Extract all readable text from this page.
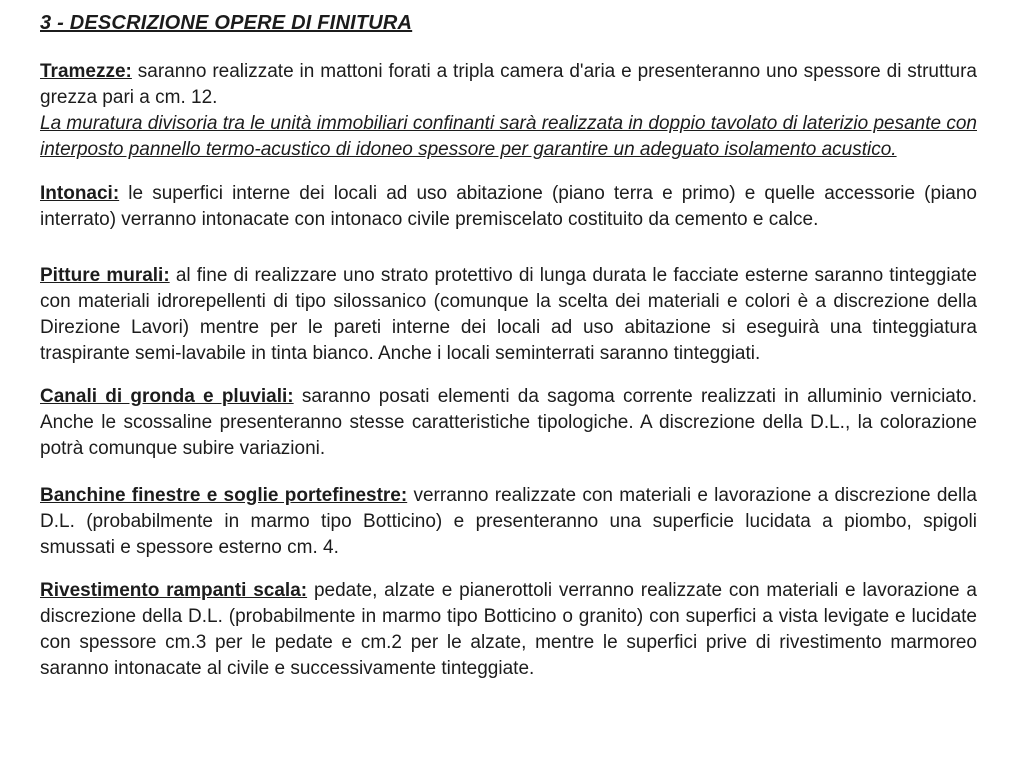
3 - DESCRIZIONE OPERE DI FINITURA

Tramezze: saranno realizzate in mattoni forati a tripla camera d'aria e presenteranno uno spessore di struttura grezza pari a cm. 12.
La muratura divisoria tra le unità immobiliari confinanti sarà realizzata in doppio tavolato di laterizio pesante con interposto pannello termo-acustico di idoneo spessore per garantire un adeguato isolamento acustico.

Intonaci: le superfici interne dei locali ad uso abitazione (piano terra e primo) e quelle accessorie (piano interrato) verranno intonacate con intonaco civile premiscelato costituito da cemento e calce.

Pitture murali: al fine di realizzare uno strato protettivo di lunga durata le facciate esterne saranno tinteggiate con materiali idrorepellenti di tipo silossanico (comunque la scelta dei materiali e colori è a discrezione della Direzione Lavori) mentre per le pareti interne dei locali ad uso abitazione si eseguirà una tinteggiatura traspirante semi-lavabile in tinta bianco. Anche i locali seminterrati saranno tinteggiati.

Canali di gronda e pluviali: saranno posati elementi da sagoma corrente realizzati in alluminio verniciato. Anche le scossaline presenteranno stesse caratteristiche tipologiche. A discrezione della D.L., la colorazione potrà comunque subire variazioni.

Banchine finestre e soglie portefinestre: verranno realizzate con materiali e lavorazione a discrezione della D.L. (probabilmente in marmo tipo Botticino) e presenteranno una superficie lucidata a piombo, spigoli smussati e spessore esterno cm. 4.

Rivestimento rampanti scala: pedate, alzate e pianerottoli verranno realizzate con materiali e lavorazione a discrezione della D.L. (probabilmente in marmo tipo Botticino o granito) con superfici a vista levigate e lucidate con spessore cm.3 per le pedate e cm.2 per le alzate, mentre le superfici prive di rivestimento marmoreo saranno intonacate al civile e successivamente tinteggiate.
